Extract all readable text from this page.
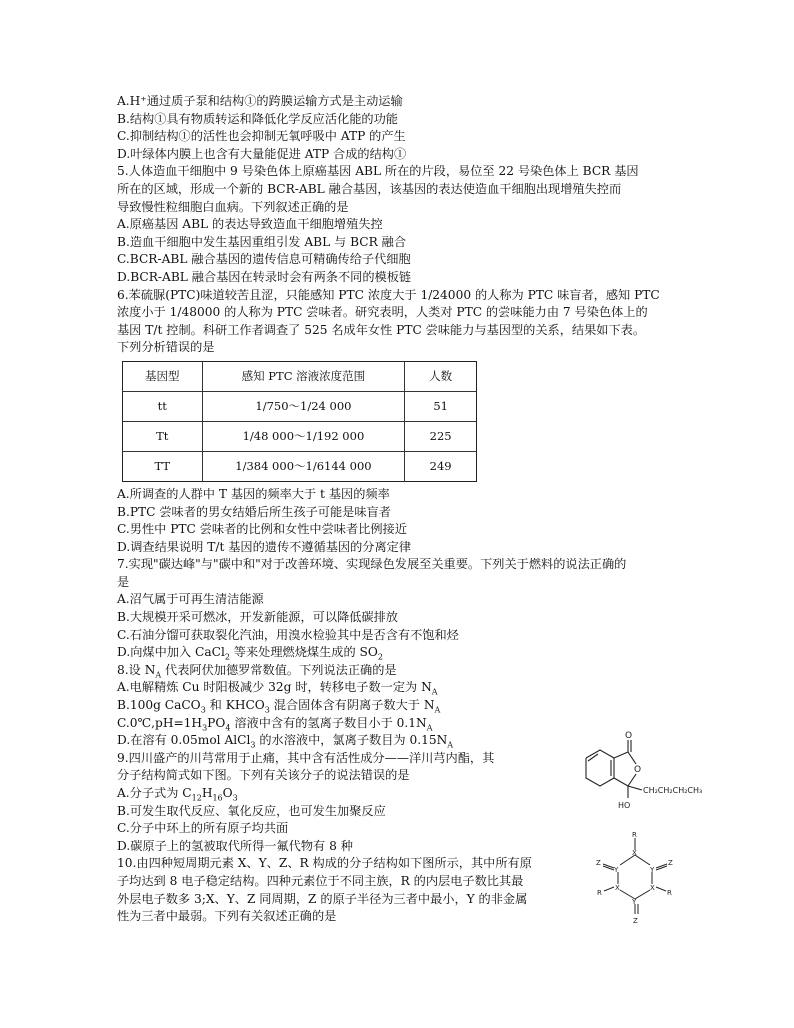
A.H⁺通过质子泵和结构①的跨膜运输方式是主动运输
B.结构①具有物质转运和降低化学反应活化能的功能
C.抑制结构①的活性也会抑制无氧呼吸中 ATP 的产生
D.叶绿体内膜上也含有大量能促进 ATP 合成的结构①
5.人体造血干细胞中 9 号染色体上原癌基因 ABL 所在的片段，易位至 22 号染色体上 BCR 基因
所在的区域，形成一个新的 BCR-ABL 融合基因，该基因的表达使造血干细胞出现增殖失控而
导致慢性粒细胞白血病。下列叙述正确的是
A.原癌基因 ABL 的表达导致造血干细胞增殖失控
B.造血干细胞中发生基因重组引发 ABL 与 BCR 融合
C.BCR-ABL 融合基因的遗传信息可精确传给子代细胞
D.BCR-ABL 融合基因在转录时会有两条不同的模板链
6.苯硫脲(PTC)味道较苦且涩，只能感知 PTC 浓度大于 1/24000 的人称为 PTC 味盲者，感知 PTC
浓度小于 1/48000 的人称为 PTC 尝味者。研究表明，人类对 PTC 的尝味能力由 7 号染色体上的
基因 T/t 控制。科研工作者调查了 525 名成年女性 PTC 尝味能力与基因型的关系，结果如下表。
下列分析错误的是
基因型	感知 PTC 溶液浓度范围	人数
tt	1/750～1/24 000	51
Tt	1/48 000～1/192 000	225
TT	1/384 000～1/6144 000	249
A.所调查的人群中 T 基因的频率大于 t 基因的频率
B.PTC 尝味者的男女结婚后所生孩子可能是味盲者
C.男性中 PTC 尝味者的比例和女性中尝味者比例接近
D.调查结果说明 T/t 基因的遗传不遵循基因的分离定律
7.实现"碳达峰"与"碳中和"对于改善环境、实现绿色发展至关重要。下列关于燃料的说法正确的
是
A.沼气属于可再生清洁能源
B.大规模开采可燃冰，开发新能源，可以降低碳排放
C.石油分馏可获取裂化汽油，用溴水检验其中是否含有不饱和烃
D.向煤中加入 CaCl$_2$ 等来处理燃烧煤生成的 $SO_2$
8.设 $N_A$ 代表阿伏加德罗常数值。下列说法正确的是
A.电解精炼 Cu 时阳极减少 32g 时，转移电子数一定为 $N_A$
B.100g CaCO$_3$ 和 $KHCO_3$ 混合固体含有阴离子数大于 $N_A$
$C.0℃,pH=1H_3PO_4$ 溶液中含有的氢离子数目小于 $0.1N_A$
D.在溶有 0.05mol AlCl$_3$ 的水溶液中，氯离子数目为 $0.15N_A$
9.四川盛产的川芎常用于止痛，其中含有活性成分——洋川芎内酯，其
分子结构简式如下图。下列有关该分子的说法错误的是
A.分子式为 $C_{12}H_{16}O_3$
B.可发生取代反应、氧化反应，也可发生加聚反应
C.分子中环上的所有原子均共面
D.碳原子上的氢被取代所得一氟代物有 8 种
10.由四种短周期元素 X、Y、Z、R 构成的分子结构如下图所示，其中所有原
子均达到 8 电子稳定结构。四种元素位于不同主族，R 的内层电子数比其最
外层电子数多 3;X、Y、Z 同周期，Z 的原子半径为三者中最小，Y 的非金属
性为三者中最弱。下列有关叙述正确的是
O
O
HO
CH₂CH₂CH₂CH₃
R
X
Y	Y
Z	Z
X	X
R	R
Y
Z
